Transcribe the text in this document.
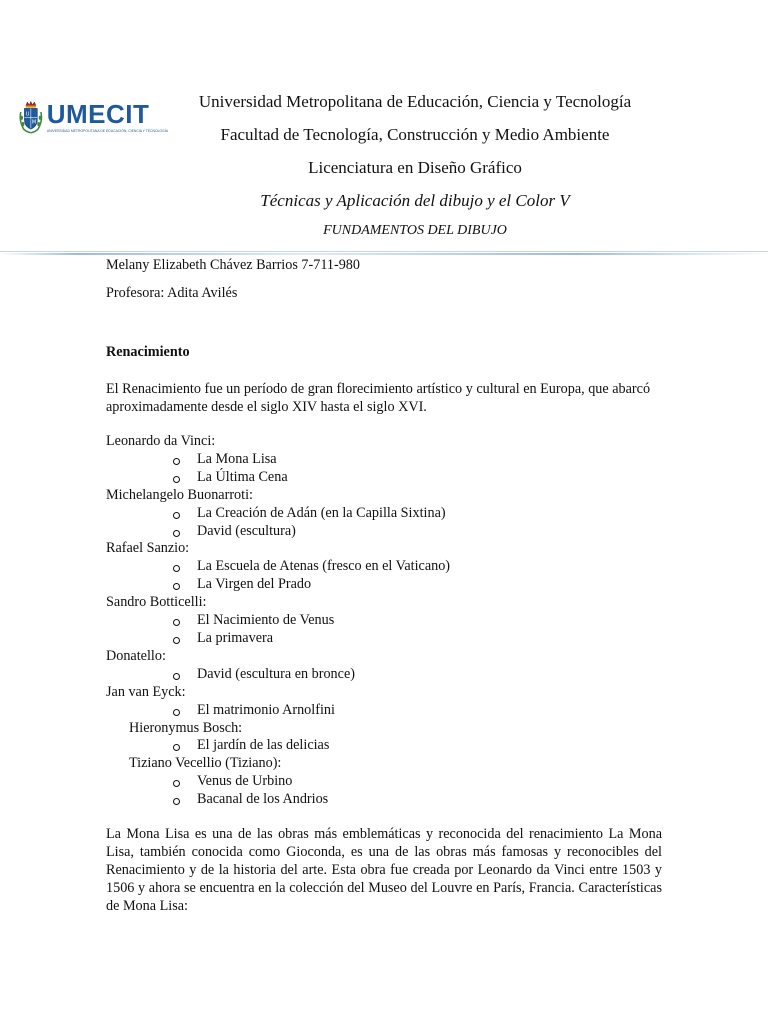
U
M UMECIT
UNIVERSIDAD METROPOLITANA DE EDUCACIÓN, CIENCIA Y TECNOLOGÍA
Universidad Metropolitana de Educación, Ciencia y Tecnología
Facultad de Tecnología, Construcción y Medio Ambiente
Licenciatura en Diseño Gráfico
Técnicas y Aplicación del dibujo y el Color V
FUNDAMENTOS DEL DIBUJO
Melany Elizabeth Chávez Barrios 7-711-980
Profesora: Adita Avilés
Renacimiento
El Renacimiento fue un período de gran florecimiento artístico y cultural en Europa, que abarcó aproximadamente desde el siglo XIV hasta el siglo XVI.
Leonardo da Vinci:
La Mona Lisa
La Última Cena
Michelangelo Buonarroti:
La Creación de Adán (en la Capilla Sixtina)
David (escultura)
Rafael Sanzio:
La Escuela de Atenas (fresco en el Vaticano)
La Virgen del Prado
Sandro Botticelli:
El Nacimiento de Venus
La primavera
Donatello:
David (escultura en bronce)
Jan van Eyck:
El matrimonio Arnolfini
Hieronymus Bosch:
El jardín de las delicias
Tiziano Vecellio (Tiziano):
Venus de Urbino
Bacanal de los Andrios
La Mona Lisa es una de las obras más emblemáticas y reconocida del renacimiento La Mona Lisa, también conocida como Gioconda, es una de las obras más famosas y reconocibles del Renacimiento y de la historia del arte. Esta obra fue creada por Leonardo da Vinci entre 1503 y 1506 y ahora se encuentra en la colección del Museo del Louvre en París, Francia. Características de Mona Lisa:
